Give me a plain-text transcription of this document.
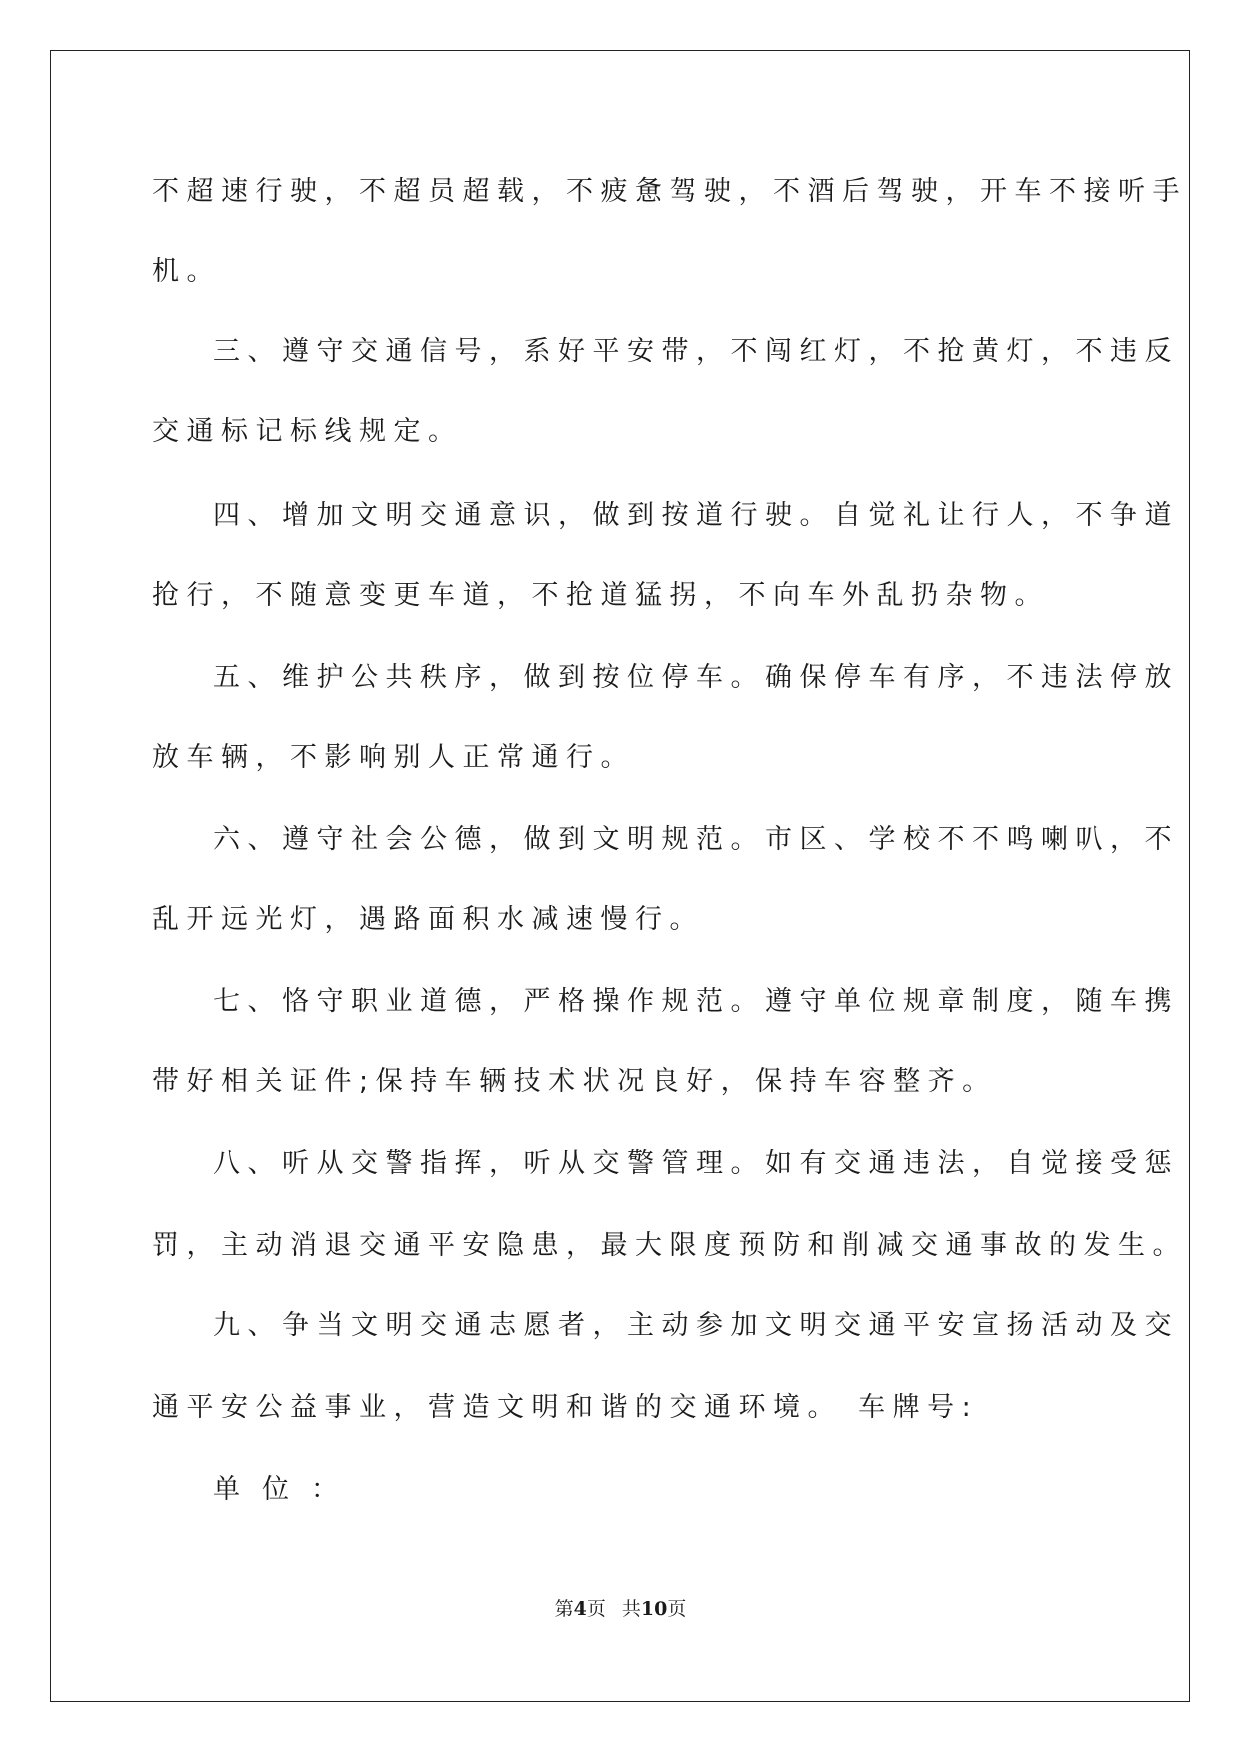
不超速行驶，不超员超载，不疲惫驾驶，不酒后驾驶，开车不接听手
机。
三、遵守交通信号，系好平安带，不闯红灯，不抢黄灯，不违反
交通标记标线规定。
四、增加文明交通意识，做到按道行驶。自觉礼让行人，不争道
抢行，不随意变更车道，不抢道猛拐，不向车外乱扔杂物。
五、维护公共秩序，做到按位停车。确保停车有序，不违法停放
放车辆，不影响别人正常通行。
六、遵守社会公德，做到文明规范。市区、学校不不鸣喇叭，不
乱开远光灯，遇路面积水减速慢行。
七、恪守职业道德，严格操作规范。遵守单位规章制度，随车携
带好相关证件;保持车辆技术状况良好，保持车容整齐。
八、听从交警指挥，听从交警管理。如有交通违法，自觉接受惩
罚，主动消退交通平安隐患，最大限度预防和削减交通事故的发生。
九、争当文明交通志愿者，主动参加文明交通平安宣扬活动及交
通平安公益事业，营造文明和谐的交通环境。 车牌号:
单位：
第4页 共10页
